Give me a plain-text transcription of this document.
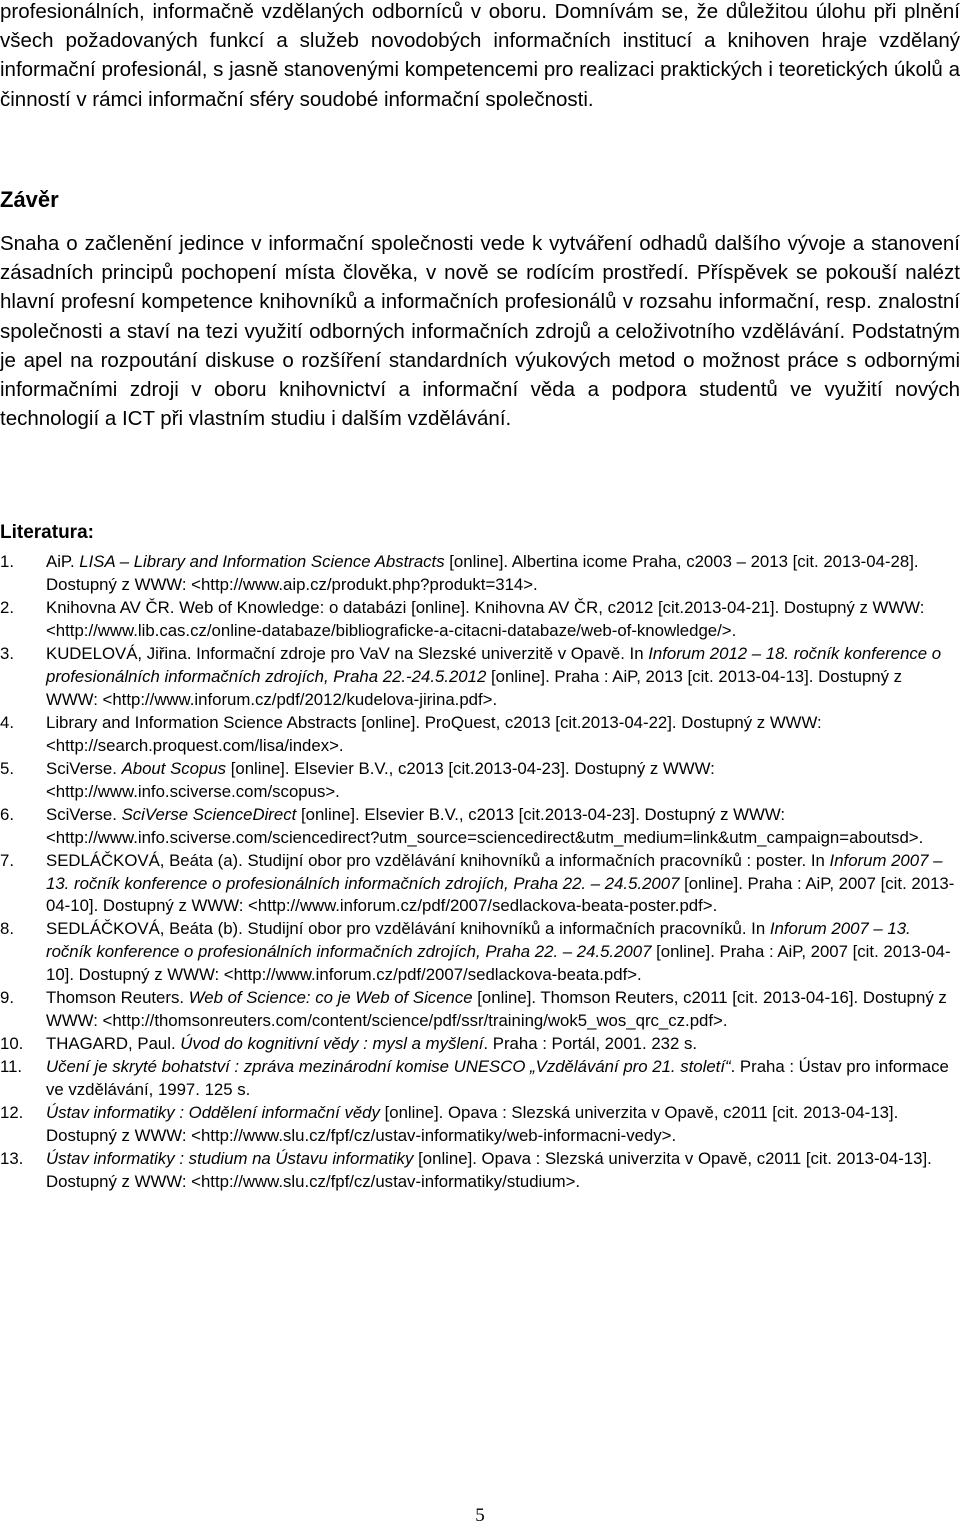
profesionálních, informačně vzdělaných odborníců v oboru. Domnívám se, že důležitou úlohu při plnění všech požadovaných funkcí a služeb novodobých informačních institucí a knihoven hraje vzdělaný informační profesionál, s jasně stanovenými kompetencemi pro realizaci praktických i teoretických úkolů a činností v rámci informační sféry soudobé informační společnosti.

Závěr

Snaha o začlenění jedince v informační společnosti vede k vytváření odhadů dalšího vývoje a stanovení zásadních principů pochopení místa člověka, v nově se rodícím prostředí. Příspěvek se pokouší nalézt hlavní profesní kompetence knihovníků a informačních profesionálů v rozsahu informační, resp. znalostní společnosti a staví na tezi využití odborných informačních zdrojů a celoživotního vzdělávání. Podstatným je apel na rozpoutání diskuse o rozšíření standardních výukových metod o možnost práce s odbornými informačními zdroji v oboru knihovnictví a informační věda a podpora studentů ve využití nových technologií a ICT při vlastním studiu i dalším vzdělávání.

Literatura:
1. AiP. LISA – Library and Information Science Abstracts [online]. Albertina icome Praha, c2003 – 2013 [cit. 2013-04-28]. Dostupný z WWW: <http://www.aip.cz/produkt.php?produkt=314>.
2. Knihovna AV ČR. Web of Knowledge: o databázi [online]. Knihovna AV ČR, c2012 [cit.2013-04-21]. Dostupný z WWW: <http://www.lib.cas.cz/online-databaze/bibliograficke-a-citacni-databaze/web-of-knowledge/>.
3. KUDELOVÁ, Jiřina. Informační zdroje pro VaV na Slezské univerzitě v Opavě. In Inforum 2012 – 18. ročník konference o profesionálních informačních zdrojích, Praha 22.-24.5.2012 [online]. Praha : AiP, 2013 [cit. 2013-04-13]. Dostupný z WWW: <http://www.inforum.cz/pdf/2012/kudelova-jirina.pdf>.
4. Library and Information Science Abstracts [online]. ProQuest, c2013 [cit.2013-04-22]. Dostupný z WWW: <http://search.proquest.com/lisa/index>.
5. SciVerse. About Scopus [online]. Elsevier B.V., c2013 [cit.2013-04-23]. Dostupný z WWW: <http://www.info.sciverse.com/scopus>.
6. SciVerse. SciVerse ScienceDirect [online]. Elsevier B.V., c2013 [cit.2013-04-23]. Dostupný z WWW: <http://www.info.sciverse.com/sciencedirect?utm_source=sciencedirect&utm_medium=link&utm_campaign=aboutsd>.
7. SEDLÁČKOVÁ, Beáta (a). Studijní obor pro vzdělávání knihovníků a informačních pracovníků : poster. In Inforum 2007 – 13. ročník konference o profesionálních informačních zdrojích, Praha 22. – 24.5.2007 [online]. Praha : AiP, 2007 [cit. 2013-04-10]. Dostupný z WWW: <http://www.inforum.cz/pdf/2007/sedlackova-beata-poster.pdf>.
8. SEDLÁČKOVÁ, Beáta (b). Studijní obor pro vzdělávání knihovníků a informačních pracovníků. In Inforum 2007 – 13. ročník konference o profesionálních informačních zdrojích, Praha 22. – 24.5.2007 [online]. Praha : AiP, 2007 [cit. 2013-04-10]. Dostupný z WWW: <http://www.inforum.cz/pdf/2007/sedlackova-beata.pdf>.
9. Thomson Reuters. Web of Science: co je Web of Sicence [online]. Thomson Reuters, c2011 [cit. 2013-04-16]. Dostupný z WWW: <http://thomsonreuters.com/content/science/pdf/ssr/training/wok5_wos_qrc_cz.pdf>.
10. THAGARD, Paul. Úvod do kognitivní vědy : mysl a myšlení. Praha : Portál, 2001. 232 s.
11. Učení je skryté bohatství : zpráva mezinárodní komise UNESCO „Vzdělávání pro 21. století“. Praha : Ústav pro informace ve vzdělávání, 1997. 125 s.
12. Ústav informatiky : Oddělení informační vědy [online]. Opava : Slezská univerzita v Opavě, c2011 [cit. 2013-04-13]. Dostupný z WWW: <http://www.slu.cz/fpf/cz/ustav-informatiky/web-informacni-vedy>.
13. Ústav informatiky : studium na Ústavu informatiky [online]. Opava : Slezská univerzita v Opavě, c2011 [cit. 2013-04-13]. Dostupný z WWW: <http://www.slu.cz/fpf/cz/ustav-informatiky/studium>.
5
